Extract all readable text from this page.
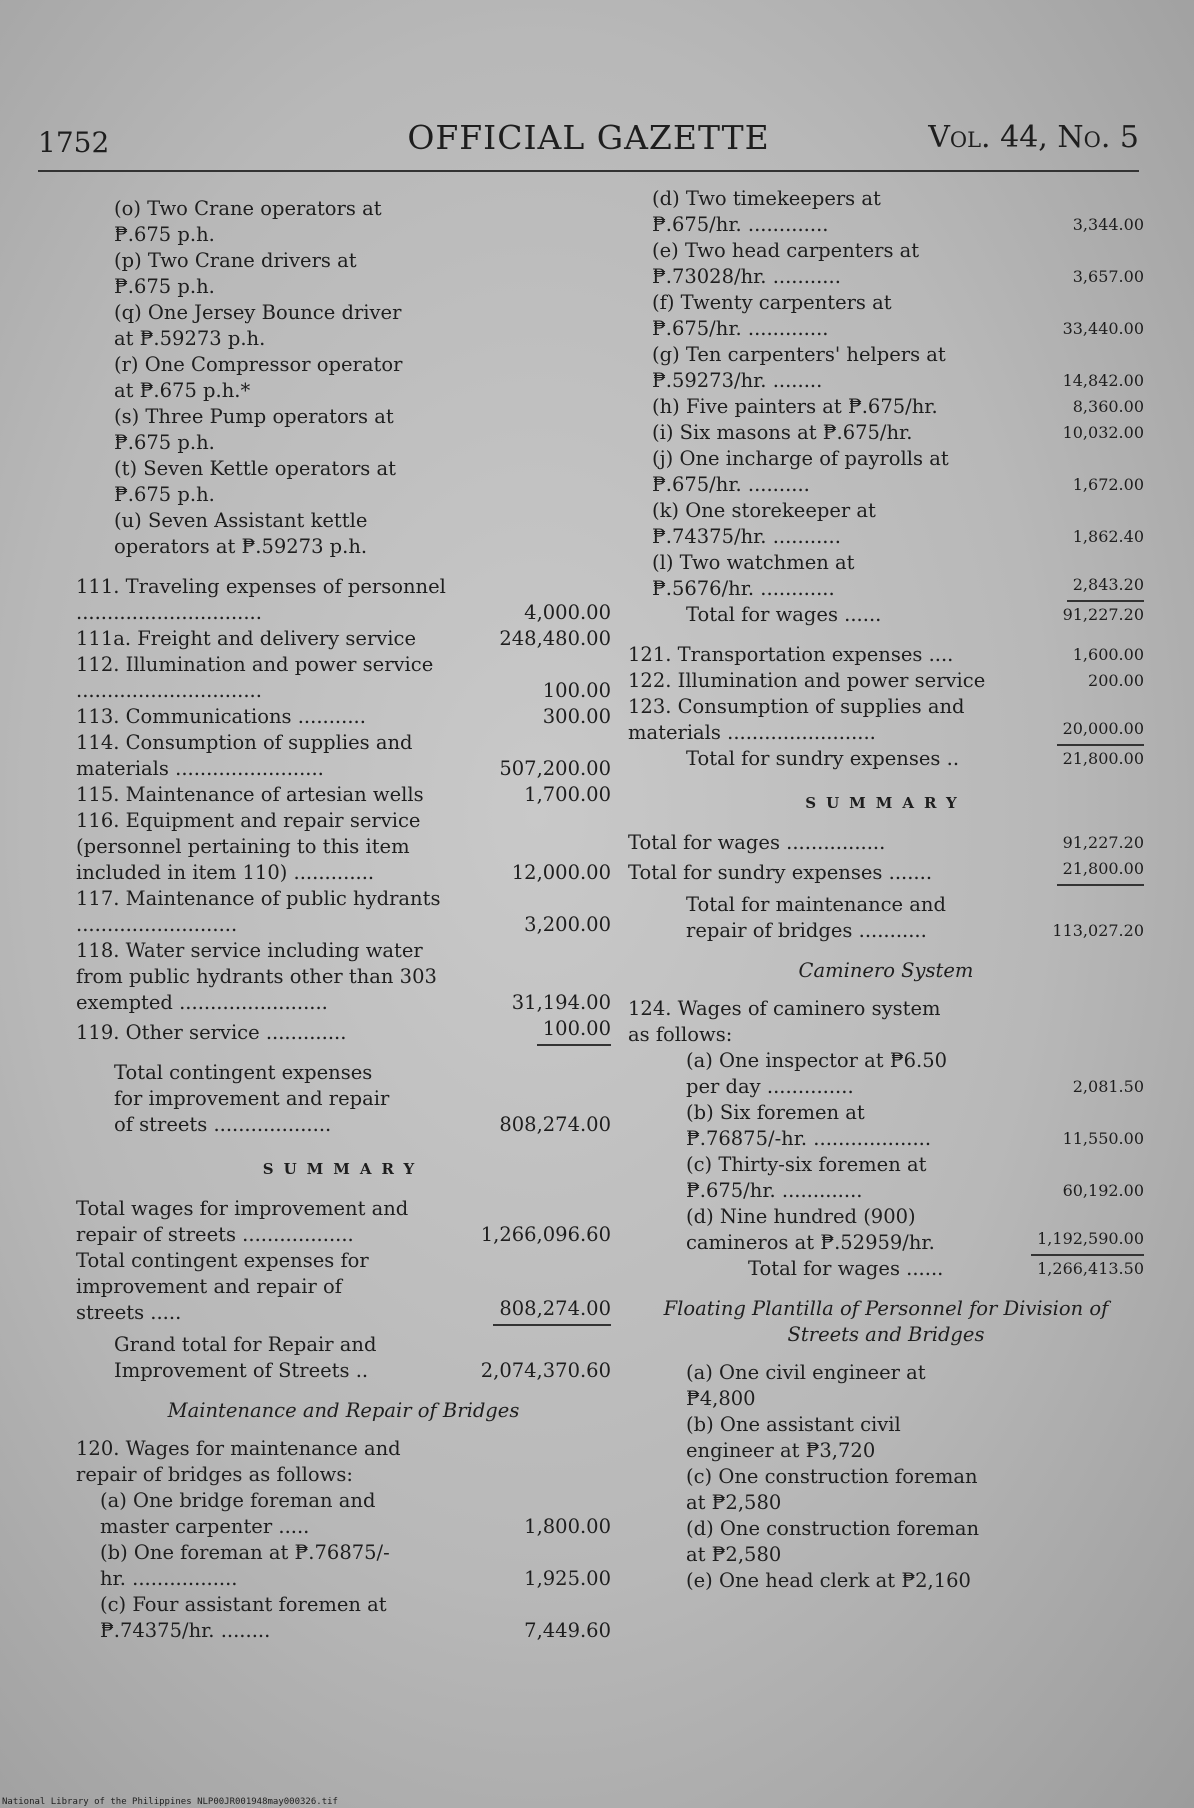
1752	OFFICIAL GAZETTE	Vol. 44, No. 5
(o) Two Crane operators at ₱.675 p.h.
(p) Two Crane drivers at ₱.675 p.h.
(q) One Jersey Bounce driver at ₱.59273 p.h.
(r) One Compressor operator at ₱.675 p.h.*
(s) Three Pump operators at ₱.675 p.h.
(t) Seven Kettle operators at ₱.675 p.h.
(u) Seven Assistant kettle operators at ₱.59273 p.h.
111. Traveling expenses of personnel ..............................	4,000.00
111a. Freight and delivery service	248,480.00
112. Illumination and power service ..............................	100.00
113. Communications ...........	300.00
114. Consumption of supplies and materials ........................	507,200.00
115. Maintenance of artesian wells	1,700.00
116. Equipment and repair service (personnel pertaining to this item included in item 110) .............	12,000.00
117. Maintenance of public hydrants ..........................	3,200.00
118. Water service including water from public hydrants other than 303 exempted ........................	31,194.00
119. Other service .............	100.00
Total contingent expenses for improvement and repair of streets ...................	808,274.00
SUMMARY
Total wages for improvement and repair of streets ..................	1,266,096.60
Total contingent expenses for improvement and repair of streets .....	808,274.00
Grand total for Repair and Improvement of Streets ..	2,074,370.60
Maintenance and Repair of Bridges
120. Wages for maintenance and repair of bridges as follows:
(a) One bridge foreman and master carpenter .....	1,800.00
(b) One foreman at ₱.76875/-hr. .................	1,925.00
(c) Four assistant foremen at ₱.74375/hr. ........	7,449.60
(d) Two timekeepers at ₱.675/hr. .............	3,344.00
(e) Two head carpenters at ₱.73028/hr. ...........	3,657.00
(f) Twenty carpenters at ₱.675/hr. .............	33,440.00
(g) Ten carpenters' helpers at ₱.59273/hr. ........	14,842.00
(h) Five painters at ₱.675/hr.	8,360.00
(i) Six masons at ₱.675/hr.	10,032.00
(j) One incharge of payrolls at ₱.675/hr. ..........	1,672.00
(k) One storekeeper at ₱.74375/hr. ...........	1,862.40
(l) Two watchmen at ₱.5676/hr. ............	2,843.20
Total for wages ......	91,227.20
121. Transportation expenses ....	1,600.00
122. Illumination and power service	200.00
123. Consumption of supplies and materials ........................	20,000.00
Total for sundry expenses ..	21,800.00
SUMMARY
Total for wages ................	91,227.20
Total for sundry expenses .......	21,800.00
Total for maintenance and repair of bridges ...........	113,027.20
Caminero System
124. Wages of caminero system as follows:
(a) One inspector at ₱6.50 per day ..............	2,081.50
(b) Six foremen at ₱.76875/-hr. ...................	11,550.00
(c) Thirty-six foremen at ₱.675/hr. .............	60,192.00
(d) Nine hundred (900) camineros at ₱.52959/hr.	1,192,590.00
Total for wages ......	1,266,413.50
Floating Plantilla of Personnel for Division of Streets and Bridges
(a) One civil engineer at ₱4,800
(b) One assistant civil engineer at ₱3,720
(c) One construction foreman at ₱2,580
(d) One construction foreman at ₱2,580
(e) One head clerk at ₱2,160
National Library of the Philippines NLP00JR001948may000326.tif
